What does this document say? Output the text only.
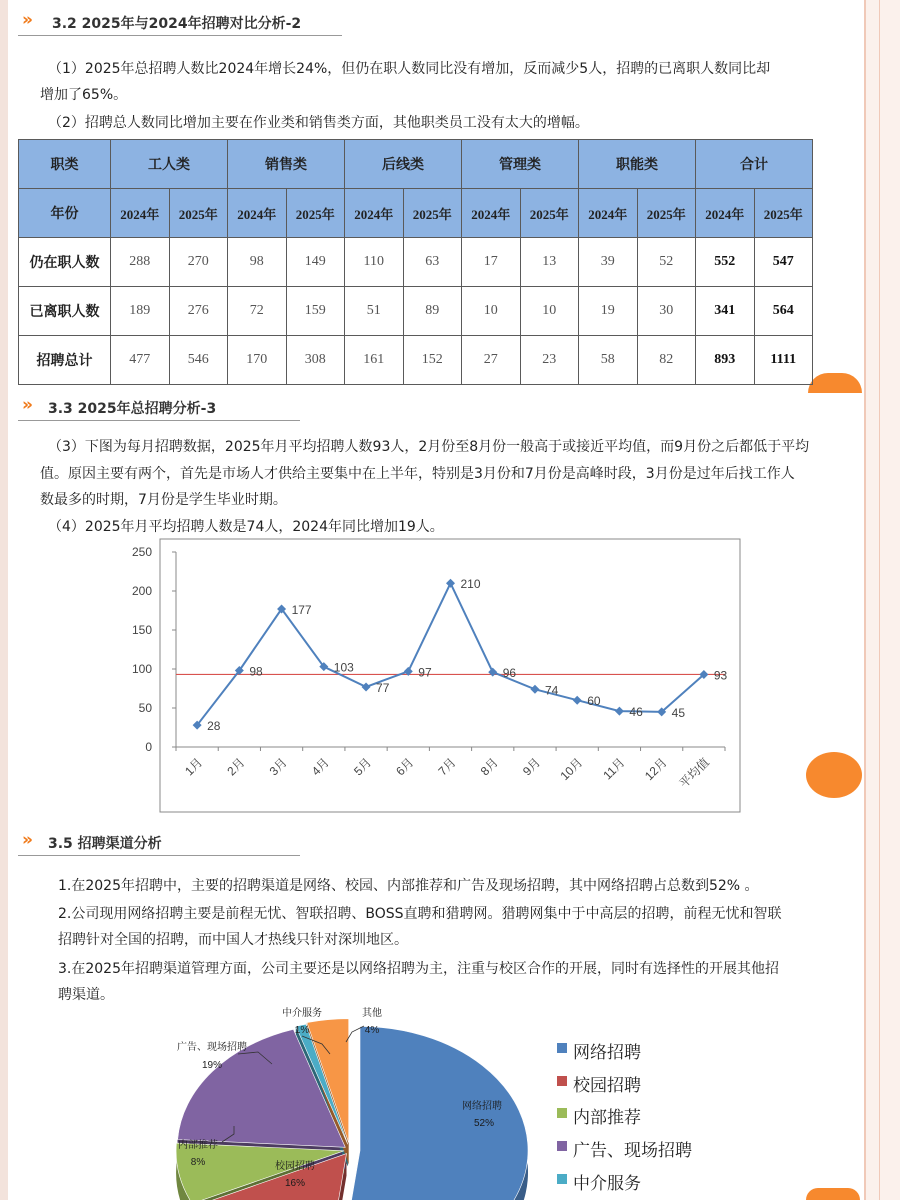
» 3.2 2025年与2024年招聘对比分析-2
（1）2025年总招聘人数比2024年增长24%，但仍在职人数同比没有增加，反而减少5人，招聘的已离职人数同比却
增加了65%。
（2）招聘总人数同比增加主要在作业类和销售类方面，其他职类员工没有太大的增幅。
职类	工人类		销售类		后线类		管理类		职能类		合计	
年份	2024年	2025年	2024年	2025年	2024年	2025年	2024年	2025年	2024年	2025年	2024年	2025年
仍在职人数	288	270	98	149	110	63	17	13	39	52	552	547
已离职人数	189	276	72	159	51	89	10	10	19	30	341	564
招聘总计	477	546	170	308	161	152	27	23	58	82	893	1111
» 3.3 2025年总招聘分析-3
（3）下图为每月招聘数据，2025年月平均招聘人数93人，2月份至8月份一般高于或接近平均值，而9月份之后都低于平均
值。原因主要有两个，首先是市场人才供给主要集中在上半年，特别是3月份和7月份是高峰时段，3月份是过年后找工作人
数最多的时期，7月份是学生毕业时期。
（4）2025年月平均招聘人数是74人，2024年同比增加19人。
0
50
100
150
200
250
28
98
177
103
77
97
210
96
74
60
46 45
93
1月 2月 3月 4月 5月 6月 7月 8月 9月 10月 11月 12月 平均值
» 3.5 招聘渠道分析
1.在2025年招聘中，主要的招聘渠道是网络、校园、内部推荐和广告及现场招聘，其中网络招聘占总数到52% 。
2.公司现用网络招聘主要是前程无忧、智联招聘、BOSS直聘和猎聘网。猎聘网集中于中高层的招聘，前程无忧和智联
招聘针对全国的招聘，而中国人才热线只针对深圳地区。
3.在2025年招聘渠道管理方面，公司主要还是以网络招聘为主，注重与校区合作的开展，同时有选择性的开展其他招
聘渠道。
网络招聘
52%
校园招聘
16%
内部推荐
8%
广告、现场招聘
19%
中介服务
1%
其他
4%
网络招聘
校园招聘
内部推荐
广告、现场招聘
中介服务
